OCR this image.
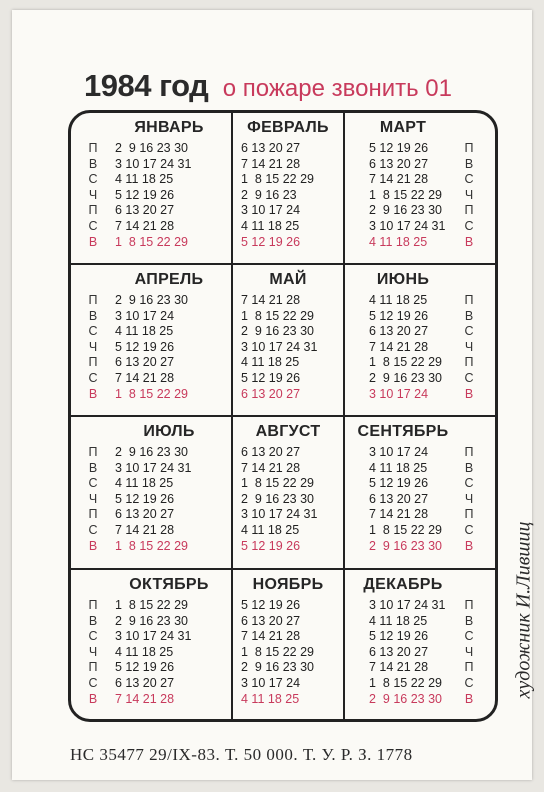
1984 год о пожаре звонить 01
художник И.Лившиц
НС 35477 29/IX-83. Т. 50 000. Т. У. Р. З. 1778
ЯНВАРЬ
П
В
С
Ч
П
С
В
2  9 16 23 30
3 10 17 24 31
4 11 18 25
5 12 19 26
6 13 20 27
7 14 21 28
1  8 15 22 29
ФЕВРАЛЬ
6 13 20 27
7 14 21 28
1  8 15 22 29
2  9 16 23
3 10 17 24
4 11 18 25
5 12 19 26
МАРТ
П
В
С
Ч
П
С
В
5 12 19 26
6 13 20 27
7 14 21 28
1  8 15 22 29
2  9 16 23 30
3 10 17 24 31
4 11 18 25
АПРЕЛЬ
П
В
С
Ч
П
С
В
2  9 16 23 30
3 10 17 24
4 11 18 25
5 12 19 26
6 13 20 27
7 14 21 28
1  8 15 22 29
МАЙ
7 14 21 28
1  8 15 22 29
2  9 16 23 30
3 10 17 24 31
4 11 18 25
5 12 19 26
6 13 20 27
ИЮНЬ
П
В
С
Ч
П
С
В
4 11 18 25
5 12 19 26
6 13 20 27
7 14 21 28
1  8 15 22 29
2  9 16 23 30
3 10 17 24
ИЮЛЬ
П
В
С
Ч
П
С
В
2  9 16 23 30
3 10 17 24 31
4 11 18 25
5 12 19 26
6 13 20 27
7 14 21 28
1  8 15 22 29
АВГУСТ
6 13 20 27
7 14 21 28
1  8 15 22 29
2  9 16 23 30
3 10 17 24 31
4 11 18 25
5 12 19 26
СЕНТЯБРЬ
П
В
С
Ч
П
С
В
3 10 17 24
4 11 18 25
5 12 19 26
6 13 20 27
7 14 21 28
1  8 15 22 29
2  9 16 23 30
ОКТЯБРЬ
П
В
С
Ч
П
С
В
1  8 15 22 29
2  9 16 23 30
3 10 17 24 31
4 11 18 25
5 12 19 26
6 13 20 27
7 14 21 28
НОЯБРЬ
5 12 19 26
6 13 20 27
7 14 21 28
1  8 15 22 29
2  9 16 23 30
3 10 17 24
4 11 18 25
ДЕКАБРЬ
П
В
С
Ч
П
С
В
3 10 17 24 31
4 11 18 25
5 12 19 26
6 13 20 27
7 14 21 28
1  8 15 22 29
2  9 16 23 30
